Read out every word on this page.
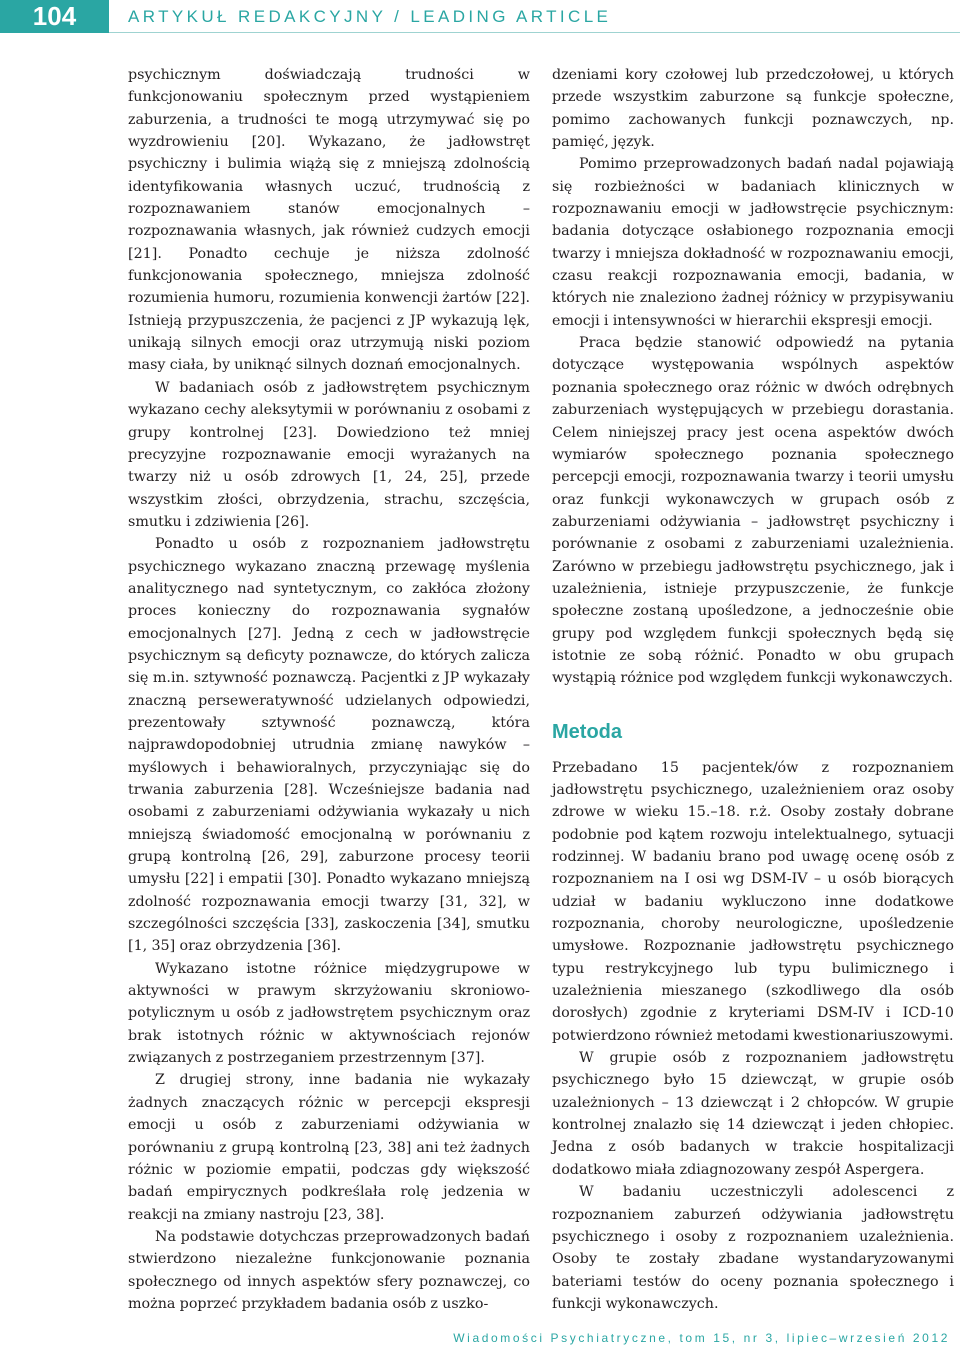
104	ARTYKUŁ REDAKCYJNY / LEADING ARTICLE

psychicznym doświadczają trudności w funkcjonowaniu społecznym przed wystąpieniem zaburzenia, a trudności te mogą utrzymywać się po wyzdrowieniu [20]. Wykazano, że jadłowstręt psychiczny i bulimia wiążą się z mniejszą zdolnością identyfikowania własnych uczuć, trudnością z rozpoznawaniem stanów emocjonalnych – rozpoznawania własnych, jak również cudzych emocji [21]. Ponadto cechuje je niższa zdolność funkcjonowania społecznego, mniejsza zdolność rozumienia humoru, rozumienia konwencji żartów [22]. Istnieją przypuszczenia, że pacjenci z JP wykazują lęk, unikają silnych emocji oraz utrzymują niski poziom masy ciała, by uniknąć silnych doznań emocjonalnych.

W badaniach osób z jadłowstrętem psychicznym wykazano cechy aleksytymii w porównaniu z osobami z grupy kontrolnej [23]. Dowiedziono też mniej precyzyjne rozpoznawanie emocji wyrażanych na twarzy niż u osób zdrowych [1, 24, 25], przede wszystkim złości, obrzydzenia, strachu, szczęścia, smutku i zdziwienia [26].

Ponadto u osób z rozpoznaniem jadłowstrętu psychicznego wykazano znaczną przewagę myślenia analitycznego nad syntetycznym, co zakłóca złożony proces konieczny do rozpoznawania sygnałów emocjonalnych [27]. Jedną z cech w jadłowstręcie psychicznym są deficyty poznawcze, do których zalicza się m.in. sztywność poznawczą. Pacjentki z JP wykazały znaczną perseweratywność udzielanych odpowiedzi, prezentowały sztywność poznawczą, która najprawdopodobniej utrudnia zmianę nawyków – myślowych i behawioralnych, przyczyniając się do trwania zaburzenia [28]. Wcześniejsze badania nad osobami z zaburzeniami odżywiania wykazały u nich mniejszą świadomość emocjonalną w porównaniu z grupą kontrolną [26, 29], zaburzone procesy teorii umysłu [22] i empatii [30]. Ponadto wykazano mniejszą zdolność rozpoznawania emocji twarzy [31, 32], w szczególności szczęścia [33], zaskoczenia [34], smutku [1, 35] oraz obrzydzenia [36].

Wykazano istotne różnice międzygrupowe w aktywności w prawym skrzyżowaniu skroniowo-potylicznym u osób z jadłowstrętem psychicznym oraz brak istotnych różnic w aktywnościach rejonów związanych z postrzeganiem przestrzennym [37].

Z drugiej strony, inne badania nie wykazały żadnych znaczących różnic w percepcji ekspresji emocji u osób z zaburzeniami odżywiania w porównaniu z grupą kontrolną [23, 38] ani też żadnych różnic w poziomie empatii, podczas gdy większość badań empirycznych podkreślała rolę jedzenia w reakcji na zmiany nastroju [23, 38].

Na podstawie dotychczas przeprowadzonych badań stwierdzono niezależne funkcjonowanie poznania społecznego od innych aspektów sfery poznawczej, co można poprzeć przykładem badania osób z uszko-

dzeniami kory czołowej lub przedczołowej, u których przede wszystkim zaburzone są funkcje społeczne, pomimo zachowanych funkcji poznawczych, np. pamięć, język.

Pomimo przeprowadzonych badań nadal pojawiają się rozbieżności w badaniach klinicznych w rozpoznawaniu emocji w jadłowstręcie psychicznym: badania dotyczące osłabionego rozpoznania emocji twarzy i mniejsza dokładność w rozpoznawaniu emocji, czasu reakcji rozpoznawania emocji, badania, w których nie znaleziono żadnej różnicy w przypisywaniu emocji i intensywności w hierarchii ekspresji emocji.

Praca będzie stanowić odpowiedź na pytania dotyczące występowania wspólnych aspektów poznania społecznego oraz różnic w dwóch odrębnych zaburzeniach występujących w przebiegu dorastania. Celem niniejszej pracy jest ocena aspektów dwóch wymiarów społecznego poznania społecznego percepcji emocji, rozpoznawania twarzy i teorii umysłu oraz funkcji wykonawczych w grupach osób z zaburzeniami odżywiania – jadłowstręt psychiczny i porównanie z osobami z zaburzeniami uzależnienia. Zarówno w przebiegu jadłowstrętu psychicznego, jak i uzależnienia, istnieje przypuszczenie, że funkcje społeczne zostaną upośledzone, a jednocześnie obie grupy pod względem funkcji społecznych będą się istotnie ze sobą różnić. Ponadto w obu grupach wystąpią różnice pod względem funkcji wykonawczych.

Metoda

Przebadano 15 pacjentek/ów z rozpoznaniem jadłowstrętu psychicznego, uzależnieniem oraz osoby zdrowe w wieku 15.–18. r.ż. Osoby zostały dobrane podobnie pod kątem rozwoju intelektualnego, sytuacji rodzinnej. W badaniu brano pod uwagę ocenę osób z rozpoznaniem na I osi wg DSM-IV – u osób biorących udział w badaniu wykluczono inne dodatkowe rozpoznania, choroby neurologiczne, upośledzenie umysłowe. Rozpoznanie jadłowstrętu psychicznego typu restrykcyjnego lub typu bulimicznego i uzależnienia mieszanego (szkodliwego dla osób dorosłych) zgodnie z kryteriami DSM-IV i ICD-10 potwierdzono również metodami kwestionariuszowymi.

W grupie osób z rozpoznaniem jadłowstrętu psychicznego było 15 dziewcząt, w grupie osób uzależnionych – 13 dziewcząt i 2 chłopców. W grupie kontrolnej znalazło się 14 dziewcząt i jeden chłopiec. Jedna z osób badanych w trakcie hospitalizacji dodatkowo miała zdiagnozowany zespół Aspergera.

W badaniu uczestniczyli adolescenci z rozpoznaniem zaburzeń odżywiania jadłowstrętu psychicznego i osoby z rozpoznaniem uzależnienia. Osoby te zostały zbadane wystandaryzowanymi bateriami testów do oceny poznania społecznego i funkcji wykonawczych.

Wiadomości Psychiatryczne, tom 15, nr 3, lipiec–wrzesień 2012
